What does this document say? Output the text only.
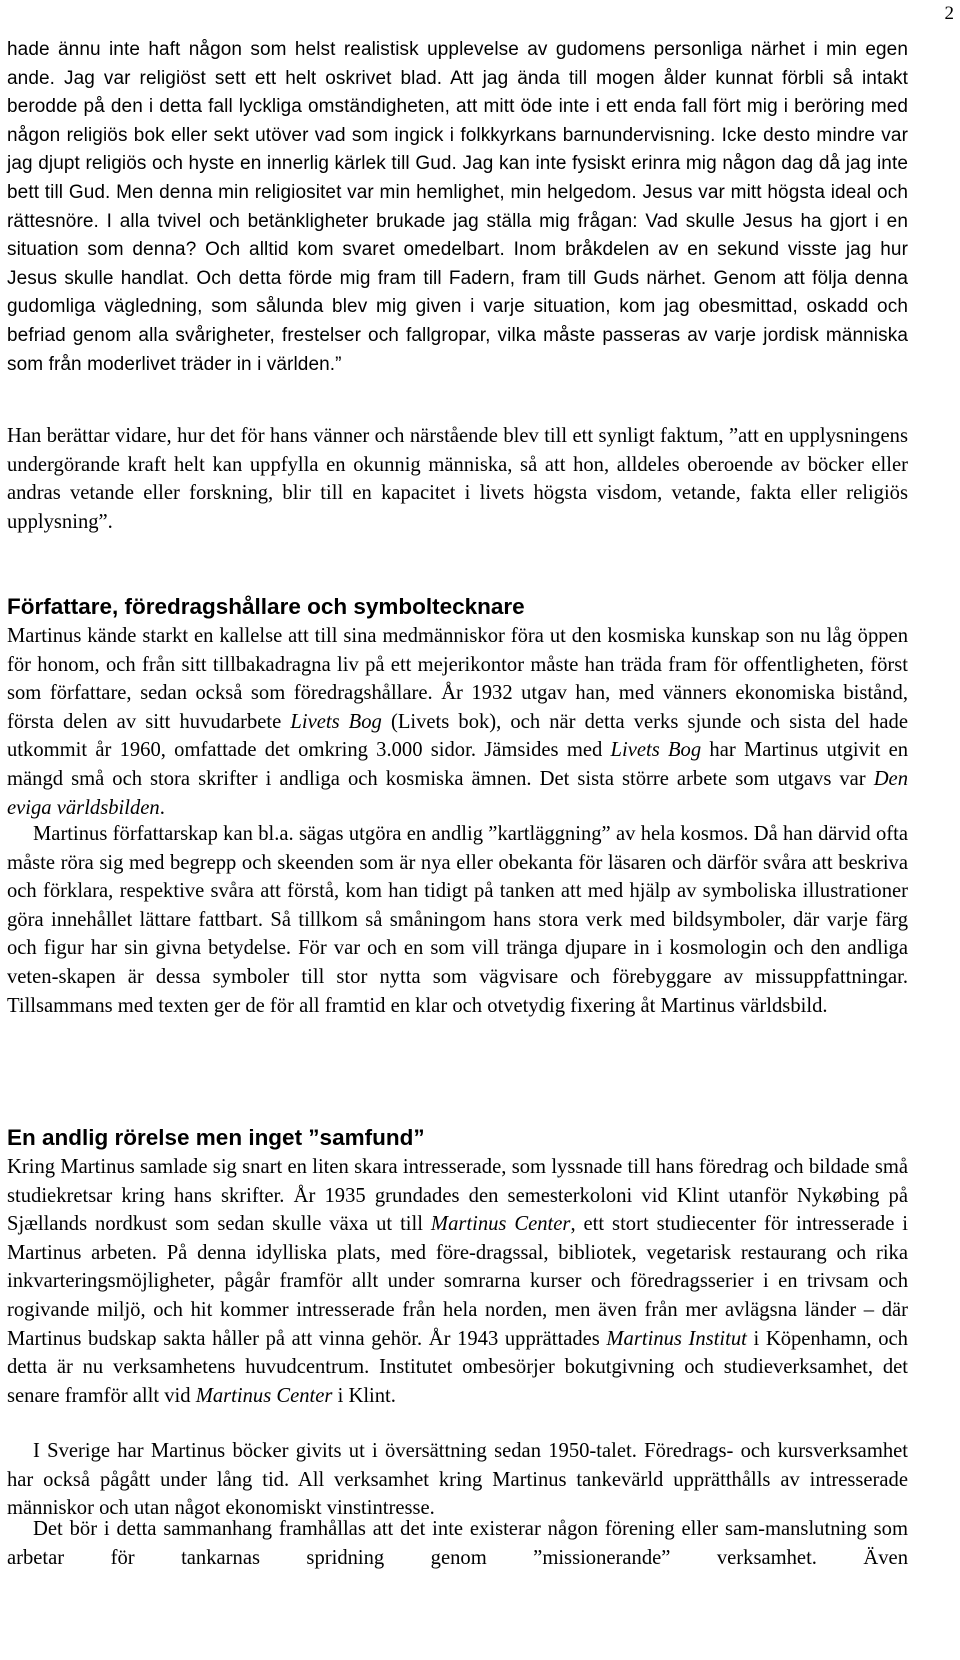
2

hade ännu inte haft någon som helst realistisk upplevelse av gudomens personliga närhet i min egen ande. Jag var religiöst sett ett helt oskrivet blad. Att jag ända till mogen ålder kunnat förbli så intakt berodde på den i detta fall lyckliga omständigheten, att mitt öde inte i ett enda fall fört mig i beröring med någon religiös bok eller sekt utöver vad som ingick i folkkyrkans barnundervisning. Icke desto mindre var jag djupt religiös och hyste en innerlig kärlek till Gud. Jag kan inte fysiskt erinra mig någon dag då jag inte bett till Gud. Men denna min religiositet var min hemlighet, min helgedom. Jesus var mitt högsta ideal och rättesnöre. I alla tvivel och betänkligheter brukade jag ställa mig frågan: Vad skulle Jesus ha gjort i en situation som denna? Och alltid kom svaret omedelbart. Inom bråkdelen av en sekund visste jag hur Jesus skulle handlat. Och detta förde mig fram till Fadern, fram till Guds närhet. Genom att följa denna gudomliga vägledning, som sålunda blev mig given i varje situation, kom jag obesmittad, oskadd och befriad genom alla svårigheter, frestelser och fallgropar, vilka måste passeras av varje jordisk människa som från moderlivet träder in i världen.”

Han berättar vidare, hur det för hans vänner och närstående blev till ett synligt faktum, ”att en upplysningens undergörande kraft helt kan uppfylla en okunnig människa, så att hon, alldeles oberoende av böcker eller andras vetande eller forskning, blir till en kapacitet i livets högsta visdom, vetande, fakta eller religiös upplysning”.

Författare, föredragshållare och symboltecknare

Martinus kände starkt en kallelse att till sina medmänniskor föra ut den kosmiska kunskap son nu låg öppen för honom, och från sitt tillbakadragna liv på ett mejerikontor måste han träda fram för offentligheten, först som författare, sedan också som föredragshållare. År 1932 utgav han, med vänners ekonomiska bistånd, första delen av sitt huvudarbete Livets Bog (Livets bok), och när detta verks sjunde och sista del hade utkommit år 1960, omfattade det omkring 3.000 sidor. Jämsides med Livets Bog har Martinus utgivit en mängd små och stora skrifter i andliga och kosmiska ämnen. Det sista större arbete som utgavs var Den eviga världsbilden.

Martinus författarskap kan bl.a. sägas utgöra en andlig ”kartläggning” av hela kosmos. Då han därvid ofta måste röra sig med begrepp och skeenden som är nya eller obekanta för läsaren och därför svåra att beskriva och förklara, respektive svåra att förstå, kom han tidigt på tanken att med hjälp av symboliska illustrationer göra innehållet lättare fattbart. Så tillkom så småningom hans stora verk med bildsymboler, där varje färg och figur har sin givna betydelse. För var och en som vill tränga djupare in i kosmologin och den andliga veten-skapen är dessa symboler till stor nytta som vägvisare och förebyggare av missuppfattningar. Tillsammans med texten ger de för all framtid en klar och otvetydig fixering åt Martinus världsbild.

En andlig rörelse men inget ”samfund”

Kring Martinus samlade sig snart en liten skara intresserade, som lyssnade till hans föredrag och bildade små studiekretsar kring hans skrifter. År 1935 grundades den semesterkoloni vid Klint utanför Nykøbing på Sjællands nordkust som sedan skulle växa ut till Martinus Center, ett stort studiecenter för intresserade i Martinus arbeten. På denna idylliska plats, med före-dragssal, bibliotek, vegetarisk restaurang och rika inkvarteringsmöjligheter, pågår framför allt under somrarna kurser och föredragsserier i en trivsam och rogivande miljö, och hit kommer intresserade från hela norden, men även från mer avlägsna länder – där Martinus budskap sakta håller på att vinna gehör. År 1943 upprättades Martinus Institut i Köpenhamn, och detta är nu verksamhetens huvudcentrum. Institutet ombesörjer bokutgivning och studieverksamhet, det senare framför allt vid Martinus Center i Klint.

I Sverige har Martinus böcker givits ut i översättning sedan 1950-talet. Föredrags- och kursverksamhet har också pågått under lång tid. All verksamhet kring Martinus tankevärld upprätthålls av intresserade människor och utan något ekonomiskt vinstintresse.

Det bör i detta sammanhang framhållas att det inte existerar någon förening eller sam-manslutning som arbetar för tankarnas spridning genom ”missionerande” verksamhet. Även
